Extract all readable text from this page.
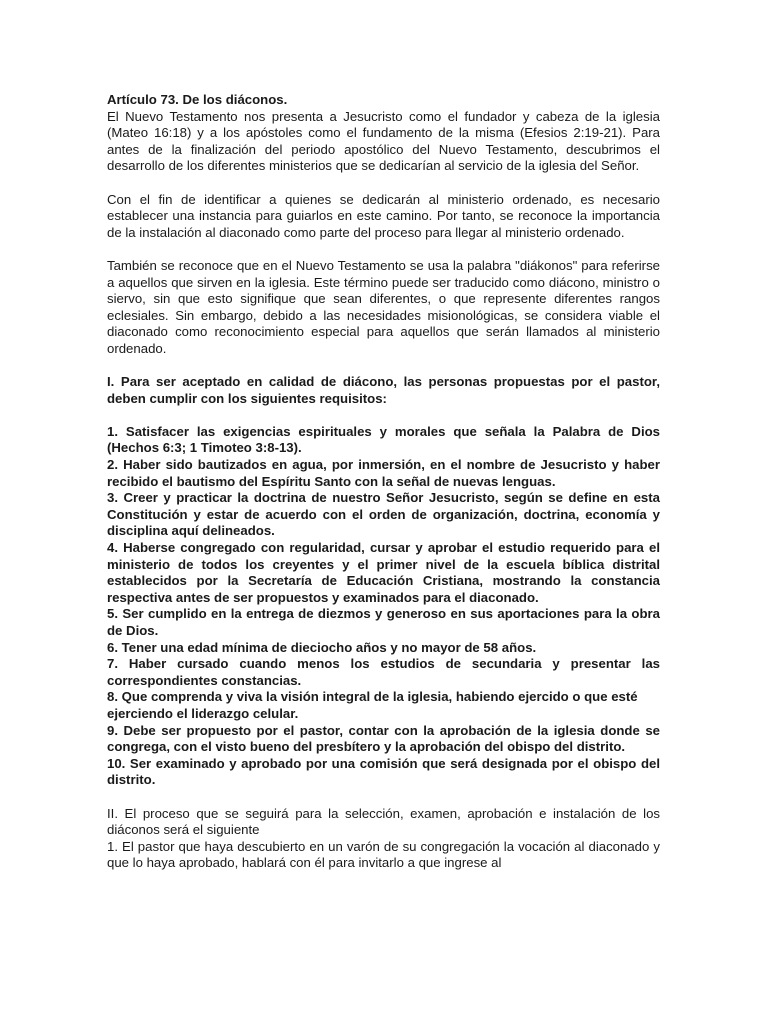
Artículo 73. De los diáconos.

El Nuevo Testamento nos presenta a Jesucristo como el fundador y cabeza de la iglesia (Mateo 16:18) y a los apóstoles como el fundamento de la misma (Efesios 2:19-21). Para antes de la finalización del periodo apostólico del Nuevo Testamento, descubrimos el desarrollo de los diferentes ministerios que se dedicarían al servicio de la iglesia del Señor.

Con el fin de identificar a quienes se dedicarán al ministerio ordenado, es necesario establecer una instancia para guiarlos en este camino. Por tanto, se reconoce la importancia de la instalación al diaconado como parte del proceso para llegar al ministerio ordenado.

También se reconoce que en el Nuevo Testamento se usa la palabra "diákonos" para referirse a aquellos que sirven en la iglesia. Este término puede ser traducido como diácono, ministro o siervo, sin que esto signifique que sean diferentes, o que represente diferentes rangos eclesiales. Sin embargo, debido a las necesidades misionológicas, se considera viable el diaconado como reconocimiento especial para aquellos que serán llamados al ministerio ordenado.

I. Para ser aceptado en calidad de diácono, las personas propuestas por el pastor, deben cumplir con los siguientes requisitos:

1. Satisfacer las exigencias espirituales y morales que señala la Palabra de Dios (Hechos 6:3; 1 Timoteo 3:8-13).

2. Haber sido bautizados en agua, por inmersión, en el nombre de Jesucristo y haber recibido el bautismo del Espíritu Santo con la señal de nuevas lenguas.

3. Creer y practicar la doctrina de nuestro Señor Jesucristo, según se define en esta Constitución y estar de acuerdo con el orden de organización, doctrina, economía y disciplina aquí delineados.

4. Haberse congregado con regularidad, cursar y aprobar el estudio requerido para el ministerio de todos los creyentes y el primer nivel de la escuela bíblica distrital establecidos por la Secretaría de Educación Cristiana, mostrando la constancia respectiva antes de ser propuestos y examinados para el diaconado.

5. Ser cumplido en la entrega de diezmos y generoso en sus aportaciones para la obra de Dios.

6. Tener una edad mínima de dieciocho años y no mayor de 58 años.

7. Haber cursado cuando menos los estudios de secundaria y presentar las correspondientes constancias.

8. Que comprenda y viva la visión integral de la iglesia, habiendo ejercido o que esté

ejerciendo el liderazgo celular.

9. Debe ser propuesto por el pastor, contar con la aprobación de la iglesia donde se congrega, con el visto bueno del presbítero y la aprobación del obispo del distrito.

10. Ser examinado y aprobado por una comisión que será designada por el obispo del distrito.

II. El proceso que se seguirá para la selección, examen, aprobación e instalación de los diáconos será el siguiente

1. El pastor que haya descubierto en un varón de su congregación la vocación al diaconado y que lo haya aprobado, hablará con él para invitarlo a que ingrese al
